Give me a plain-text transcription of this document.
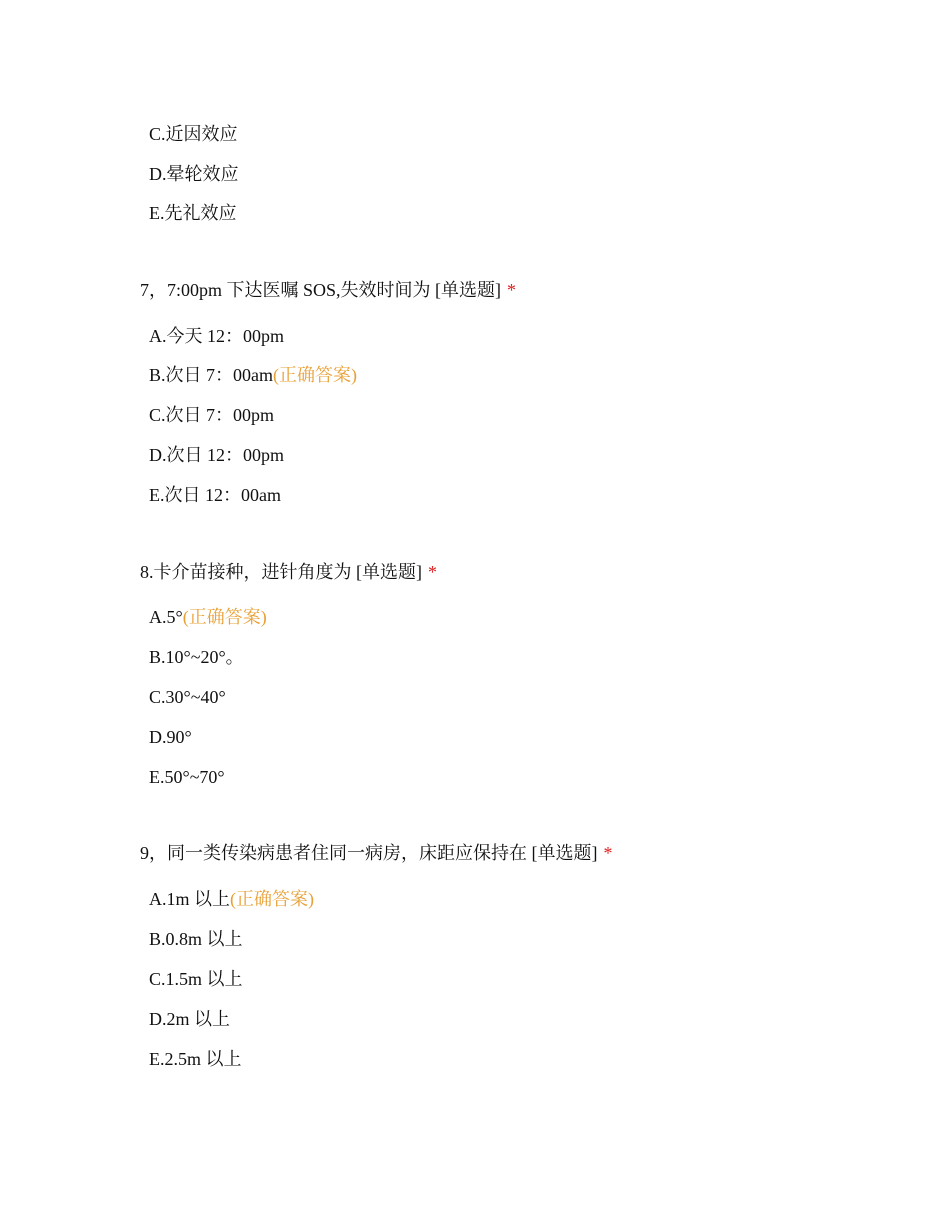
C.近因效应
D.晕轮效应
E.先礼效应
7，7:00pm 下达医嘱 SOS,失效时间为 [单选题] *
A.今天 12：00pm
B.次日 7：00am(正确答案)
C.次日 7：00pm
D.次日 12：00pm
E.次日 12：00am
8.卡介苗接种，进针角度为 [单选题] *
A.5°(正确答案)
B.10°~20°。
C.30°~40°
D.90°
E.50°~70°
9，同一类传染病患者住同一病房，床距应保持在 [单选题] *
A.1m 以上(正确答案)
B.0.8m 以上
C.1.5m 以上
D.2m 以上
E.2.5m 以上
